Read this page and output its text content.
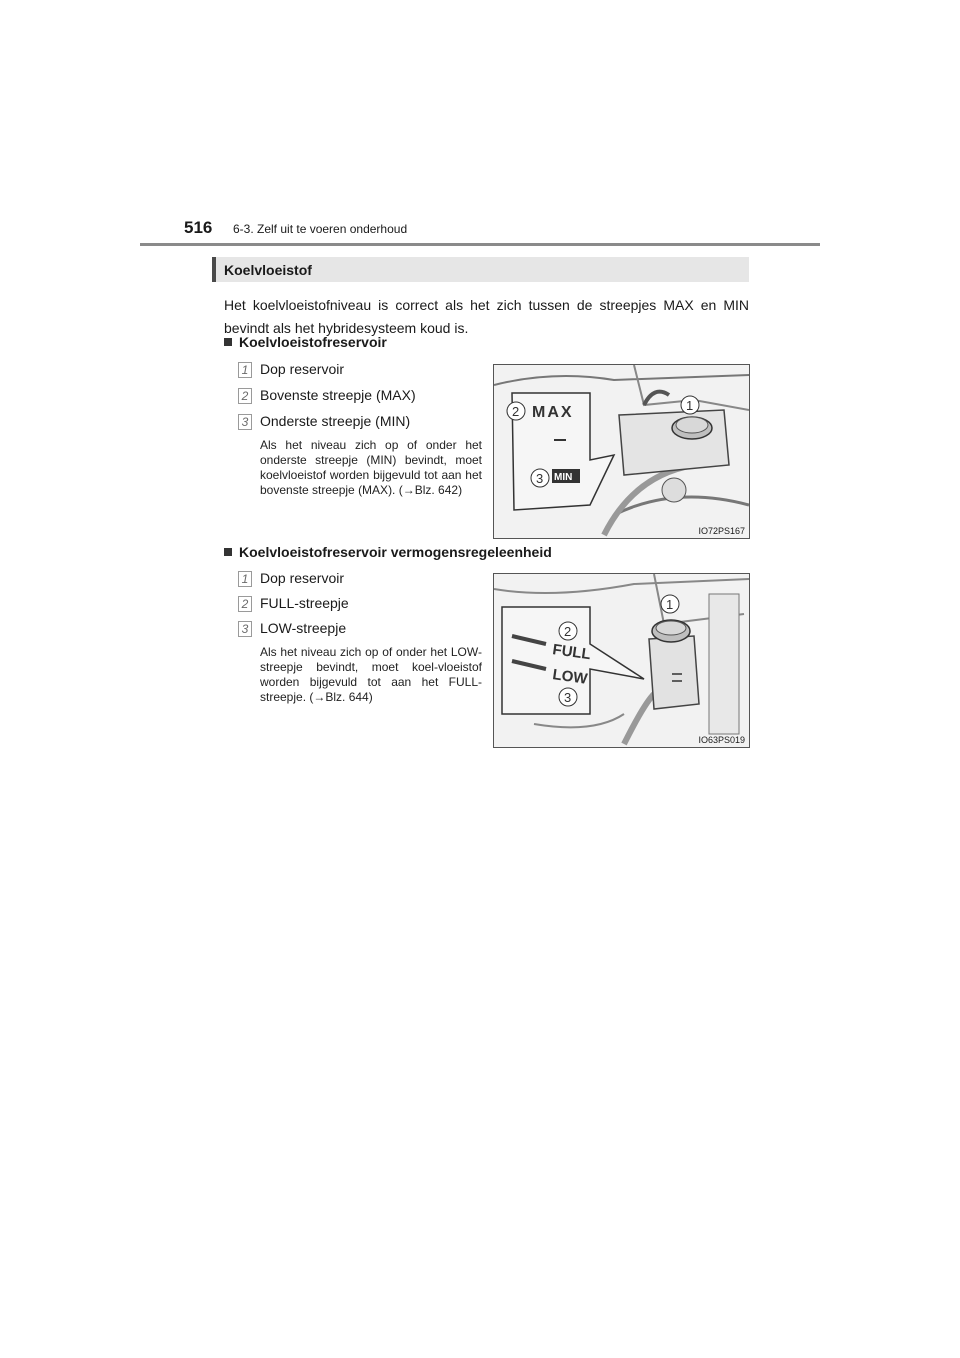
516 6-3. Zelf uit te voeren onderhoud
Koelvloeistof
Het koelvloeistofniveau is correct als het zich tussen de streepjes MAX en MIN bevindt als het hybridesysteem koud is.
Koelvloeistofreservoir
1 Dop reservoir
2 Bovenste streepje (MAX)
3 Onderste streepje (MIN)
Als het niveau zich op of onder het onderste streepje (MIN) bevindt, moet koelvloeistof worden bijgevuld tot aan het bovenste streepje (MAX). (→Blz. 642)
MAX
MIN
1
2
3
IO72PS167
Koelvloeistofreservoir vermogensregeleenheid
1 Dop reservoir
2 FULL-streepje
3 LOW-streepje
Als het niveau zich op of onder het LOW-streepje bevindt, moet koel-vloeistof worden bijgevuld tot aan het FULL-streepje. (→Blz. 644)
FULL
LOW
1
2
3
IO63PS019
